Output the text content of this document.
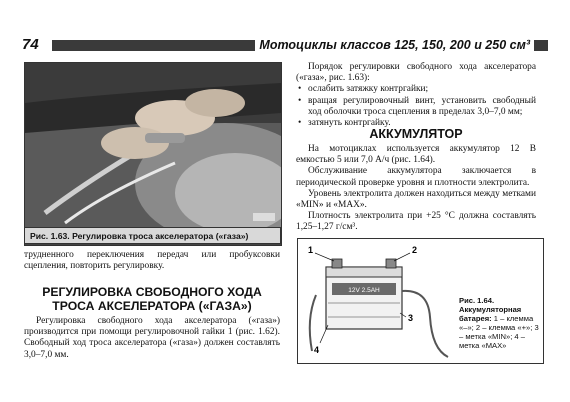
74	Мотоциклы классов 125, 150, 200 и 250 см³
Рис. 1.63. Регулировка троса акселератора («газа»)

трудненного переключения передач или пробуксовки сцепления, повторить регулировку.

РЕГУЛИРОВКА СВОБОДНОГО ХОДА ТРОСА АКСЕЛЕРАТОРА («ГАЗА»)

Регулировка свободного хода акселератора («газа») производится при помощи регулировочной гайки 1 (рис. 1.62). Свободный ход троса акселератора («газа») должен составлять 3,0–7,0 мм.

Порядок регулировки свободного хода акселератора («газа», рис. 1.63):

• ослабить затяжку контргайки;
• вращая регулировочный винт, установить свободный ход оболочки троса сцепления в пределах 3,0–7,0 мм;
• затянуть контргайку.
АККУМУЛЯТОР

На мотоциклах используется аккумулятор 12 В емкостью 5 или 7,0 А/ч (рис. 1.64).

Обслуживание аккумулятора заключается в периодической проверке уровня и плотности электролита.

Уровень электролита должен находиться между метками «MIN» и «MAX».

Плотность электролита при +25 °С должна составлять 1,25–1,27 г/см³.

12V 2.5AH
1	2
3
4
Рис. 1.64. Аккумуляторная батарея: 1 – клемма «–»; 2 – клемма «+»; 3 – метка «MIN»; 4 – метка «MAX»
